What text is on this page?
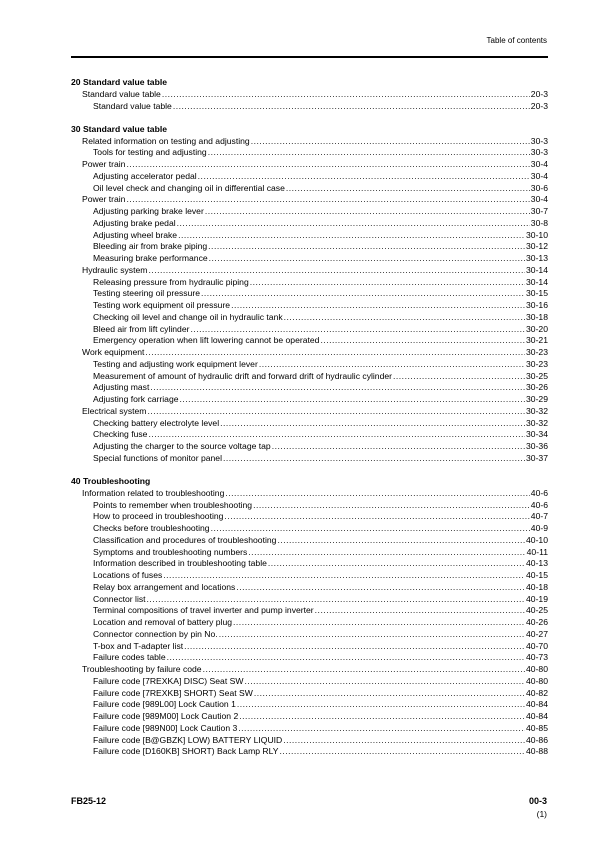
Table of contents
20 Standard value table
Standard value table .....	20-3
Standard value table .....	20-3
30 Standard value table
Related information on testing and adjusting .....	30-3
Tools for testing and adjusting .....	30-3
Power train .....	30-4
Adjusting accelerator pedal .....	30-4
Oil level check and changing oil in differential case .....	30-6
Power train .....	30-4
Adjusting parking brake lever .....	30-7
Adjusting brake pedal .....	30-8
Adjusting wheel brake .....	30-10
Bleeding air from brake piping .....	30-12
Measuring brake performance .....	30-13
Hydraulic system .....	30-14
Releasing pressure from hydraulic piping .....	30-14
Testing steering oil pressure .....	30-15
Testing work equipment oil pressure .....	30-16
Checking oil level and change oil in hydraulic tank .....	30-18
Bleed air from lift cylinder .....	30-20
Emergency operation when lift lowering cannot be operated .....	30-21
Work equipment .....	30-23
Testing and adjusting work equipment lever .....	30-23
Measurement of amount of hydraulic drift and forward drift of hydraulic cylinder .....	30-25
Adjusting mast .....	30-26
Adjusting fork carriage .....	30-29
Electrical system .....	30-32
Checking battery electrolyte level .....	30-32
Checking fuse .....	30-34
Adjusting the charger to the source voltage tap .....	30-36
Special functions of monitor panel .....	30-37
40 Troubleshooting
Information related to troubleshooting .....	40-6
Points to remember when troubleshooting .....	40-6
How to proceed in troubleshooting .....	40-7
Checks before troubleshooting .....	40-9
Classification and procedures of troubleshooting .....	40-10
Symptoms and troubleshooting numbers .....	40-11
Information described in troubleshooting table .....	40-13
Locations of fuses .....	40-15
Relay box arrangement and locations .....	40-18
Connector list .....	40-19
Terminal compositions of travel inverter and pump inverter .....	40-25
Location and removal of battery plug .....	40-26
Connector connection by pin No. .....	40-27
T-box and T-adapter list .....	40-70
Failure codes table .....	40-73
Troubleshooting by failure code .....	40-80
Failure code [7REXKA] DISC) Seat SW .....	40-80
Failure code [7REXKB] SHORT) Seat SW .....	40-82
Failure code [989L00] Lock Caution 1 .....	40-84
Failure code [989M00] Lock Caution 2 .....	40-84
Failure code [989N00] Lock Caution 3 .....	40-85
Failure code [B@GBZK] LOW) BATTERY LIQUID .....	40-86
Failure code [D160KB] SHORT) Back Lamp RLY .....	40-88
FB25-12	00-3
(1)
